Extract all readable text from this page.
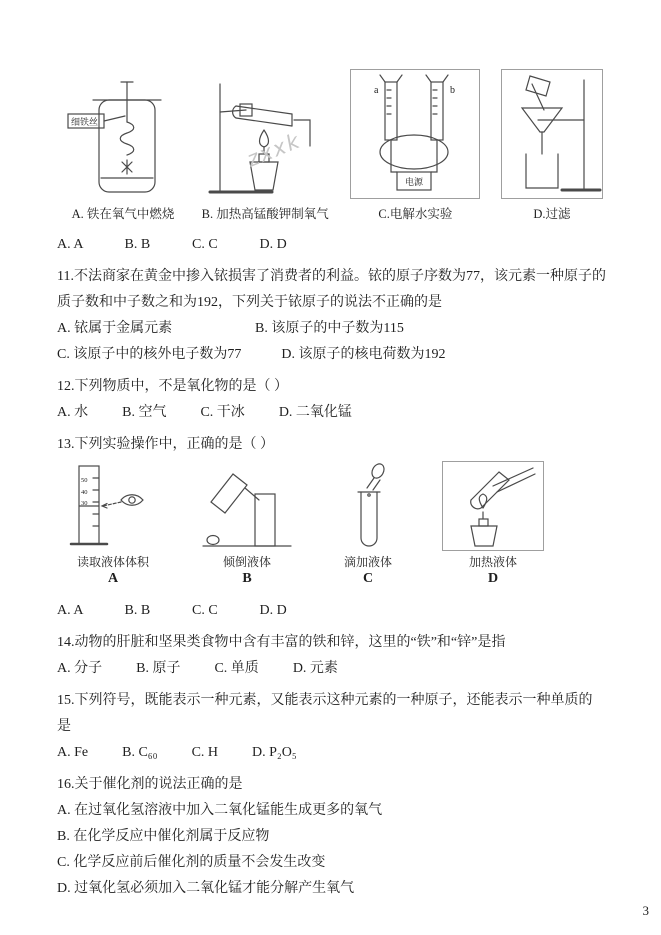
细铁丝
A. 铁在氧气中燃烧 B. 加热高锰酸钾制氧气
a	b
电源
C.电解水实验	D.过滤
zxxk

A. A	B. B	C. C	D. D

11.不法商家在黄金中掺入铱损害了消费者的利益。铱的原子序数为77，该元素一种原子的质子数和中子数之和为192，下列关于铱原子的说法不正确的是

A. 铱属于金属元素	B. 该原子的中子数为115

C. 该原子中的核外电子数为77	D. 该原子的核电荷数为192

12.下列物质中，不是氧化物的是（ ）

A. 水 B. 空气 C. 干冰 D. 二氧化锰

13.下列实验操作中，正确的是（ ）

50
40
30
读取液体体积
A
倾倒液体
B
滴加液体
C
加热液体
D

A. A	B. B	C. C	D. D

14.动物的肝脏和坚果类食物中含有丰富的铁和锌，这里的“铁”和“锌”是指

A. 分子 B. 原子 C. 单质 D. 元素

15.下列符号，既能表示一种元素，又能表示这种元素的一种原子，还能表示一种单质的是

A. Fe B. C₆₀ C. H D. P₂O₅

16.关于催化剂的说法正确的是

A. 在过氧化氢溶液中加入二氧化锰能生成更多的氧气

B. 在化学反应中催化剂属于反应物

C. 化学反应前后催化剂的质量不会发生改变

D. 过氧化氢必须加入二氧化锰才能分解产生氧气

3
